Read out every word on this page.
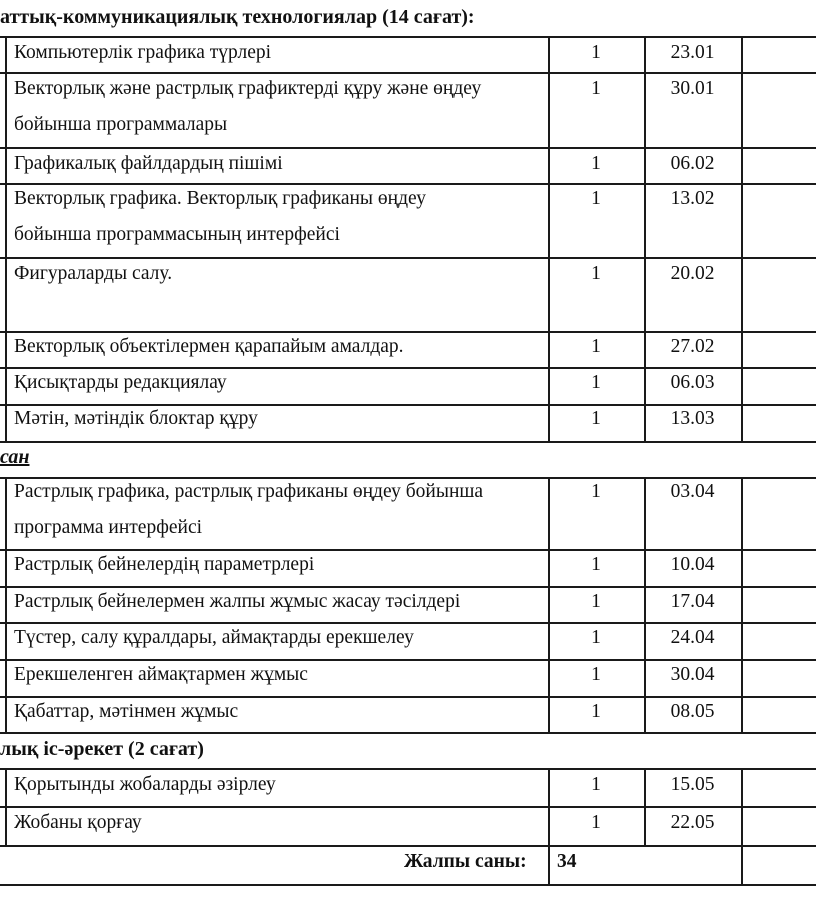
аттық-коммуникациялық технологиялар (14 сағат):
сан
лық іс-әрекет (2 сағат)
Компьютерлік графика түрлері	1	23.01
Векторлық және растрлық графиктерді құру және өңдеу
бойынша программалары
1	30.01
Графикалық файлдардың пішімі	1	06.02
Векторлық графика. Векторлық графиканы өңдеу
бойынша программасының интерфейсі
1	13.02
Фигураларды салу.	1	20.02
Векторлық объектілермен қарапайым амалдар.	1	27.02
Қисықтарды редакциялау	1	06.03
Мәтін, мәтіндік блоктар құру	1	13.03
Растрлық графика, растрлық графиканы өңдеу бойынша
программа интерфейсі
1	03.04
Растрлық бейнелердің параметрлері	1	10.04
Растрлық бейнелермен жалпы жұмыс жасау тәсілдері	1	17.04
Түстер, салу құралдары, аймақтарды ерекшелеу	1	24.04
Ерекшеленген аймақтармен жұмыс	1	30.04
Қабаттар, мәтінмен жұмыс	1	08.05
Қорытынды жобаларды әзірлеу	1	15.05
Жобаны қорғау	1	22.05
Жалпы саны: 34
